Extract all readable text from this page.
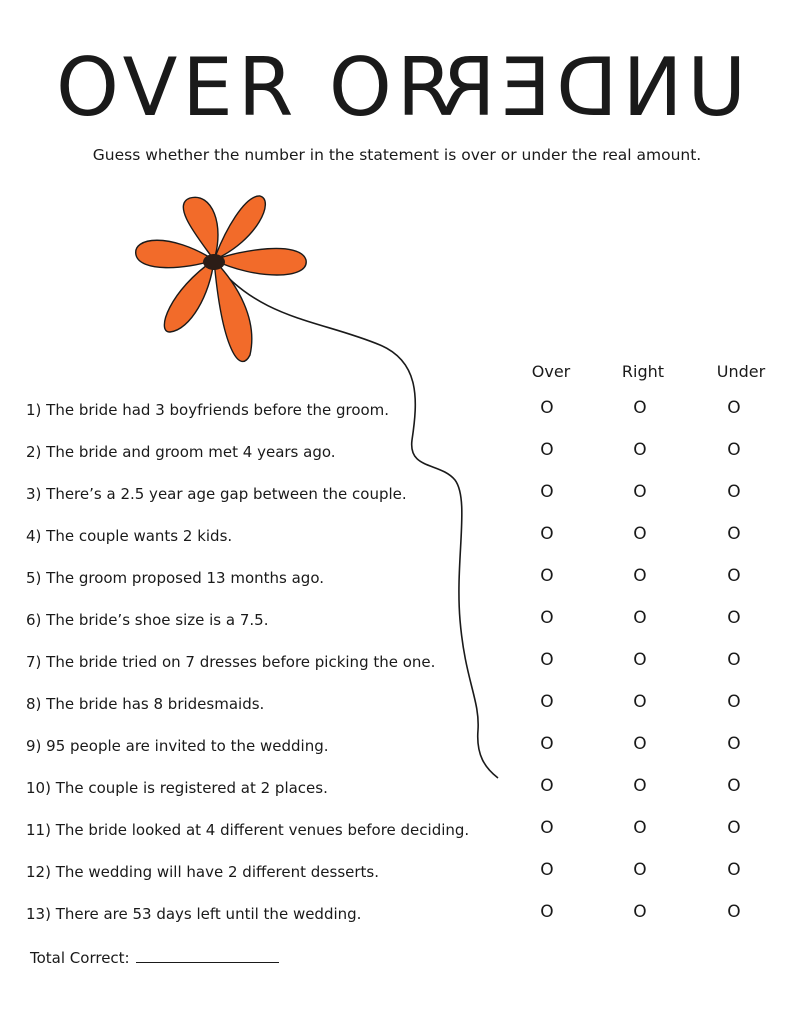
OVER OR
UNDER
Guess whether the number in the statement is over or under the real amount.
Over	Right	Under
1) The bride had 3 boyfriends before the groom.	O	O	O
2) The bride and groom met 4 years ago.	O	O	O
3) There’s a 2.5 year age gap between the couple.	O	O	O
4) The couple wants 2 kids.	O	O	O
5) The groom proposed 13 months ago.	O	O	O
6) The bride’s shoe size is a 7.5.	O	O	O
7) The bride tried on 7 dresses before picking the one.	O	O	O
8) The bride has 8 bridesmaids.	O	O	O
9) 95 people are invited to the wedding.	O	O	O
10) The couple is registered at 2 places.	O	O	O
11) The bride looked at 4 different venues before deciding.	O	O	O
12) The wedding will have 2 different desserts.	O	O	O
13) There are 53 days left until the wedding.	O	O	O
Total Correct:
